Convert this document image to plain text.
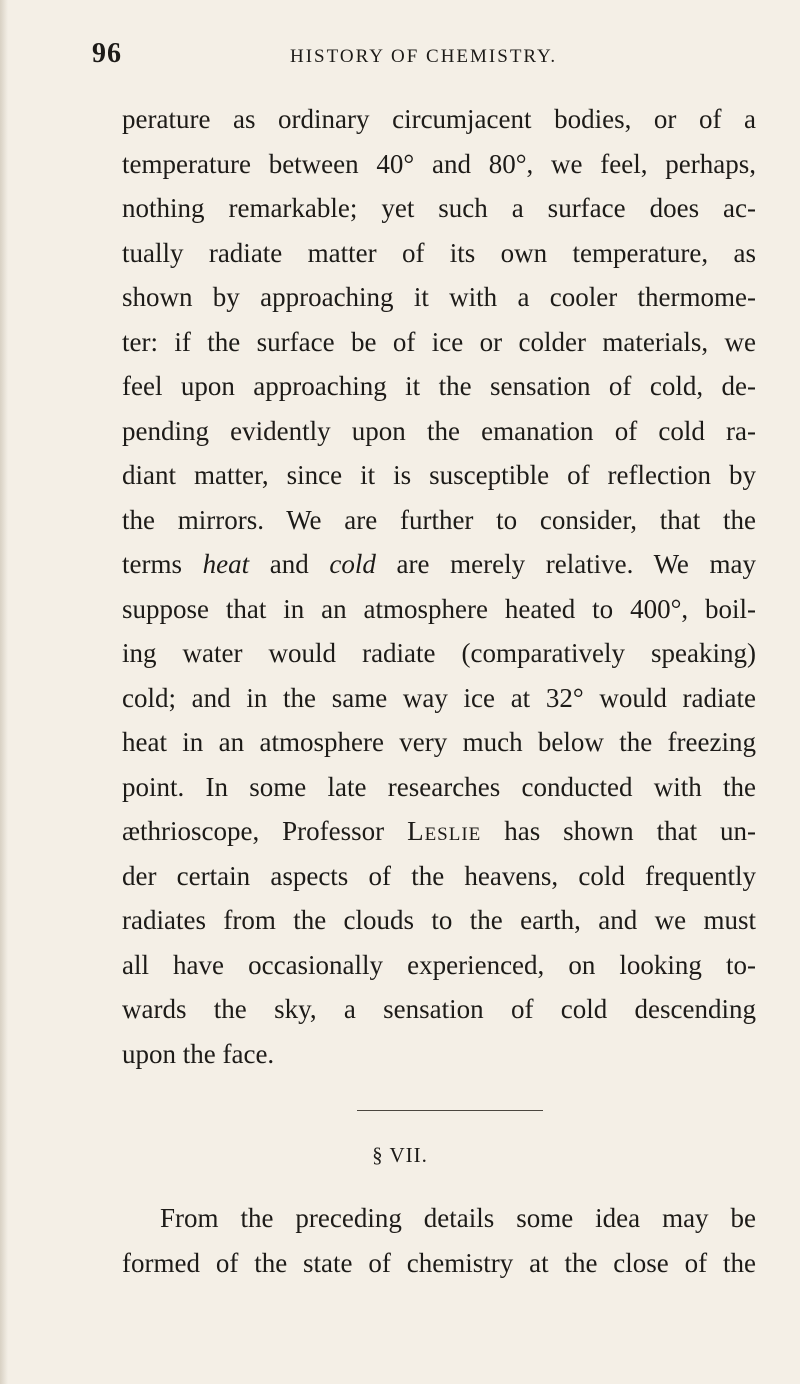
96	HISTORY OF CHEMISTRY.
perature as ordinary circumjacent bodies, or of a
temperature between 40° and 80°, we feel, perhaps,
nothing remarkable; yet such a surface does ac-
tually radiate matter of its own temperature, as
shown by approaching it with a cooler thermome-
ter: if the surface be of ice or colder materials, we
feel upon approaching it the sensation of cold, de-
pending evidently upon the emanation of cold ra-
diant matter, since it is susceptible of reflection by
the mirrors. We are further to consider, that the
terms heat and cold are merely relative. We may
suppose that in an atmosphere heated to 400°, boil-
ing water would radiate (comparatively speaking)
cold; and in the same way ice at 32° would radiate
heat in an atmosphere very much below the freezing
point. In some late researches conducted with the
æthrioscope, Professor Leslie has shown that un-
der certain aspects of the heavens, cold frequently
radiates from the clouds to the earth, and we must
all have occasionally experienced, on looking to-
wards the sky, a sensation of cold descending
upon the face.
§ VII.
From the preceding details some idea may be
formed of the state of chemistry at the close of the
